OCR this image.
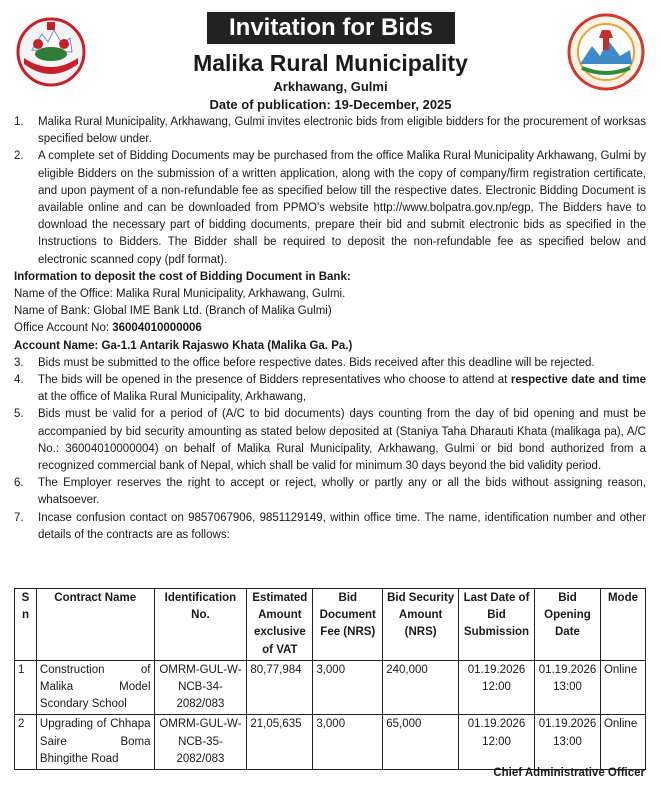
Invitation for Bids
Malika Rural Municipality
Arkhawang, Gulmi
Date of publication: 19-December, 2025
1.	Malika Rural Municipality, Arkhawang, Gulmi invites electronic bids from eligible bidders for the procurement of worksas specified below under.
2.	A complete set of Bidding Documents may be purchased from the office Malika Rural Municipality Arkhawang, Gulmi by eligible Bidders on the submission of a written application, along with the copy of company/firm registration certificate, and upon payment of a non-refundable fee as specified below till the respective dates. Electronic Bidding Document is available online and can be downloaded from PPMO's website http://www.bolpatra.gov.np/egp, The Bidders have to download the necessary part of bidding documents, prepare their bid and submit electronic bids as specified in the Instructions to Bidders. The Bidder shall be required to deposit the non-refundable fee as specified below and electronic scanned copy (pdf format).

Information to deposit the cost of Bidding Document in Bank:

Name of the Office: Malika Rural Municipality, Arkhawang, Gulmi.

Name of Bank: Global IME Bank Ltd. (Branch of Malika Gulmi)

Office Account No: 36004010000006

Account Name: Ga-1.1 Antarik Rajaswo Khata (Malika Ga. Pa.)

3.	Bids must be submitted to the office before respective dates. Bids received after this deadline will be rejected.
4.	The bids will be opened in the presence of Bidders representatives who choose to attend at respective date and time at the office of Malika Rural Municipality, Arkhawang,
5.	Bids must be valid for a period of (A/C to bid documents) days counting from the day of bid opening and must be accompanied by bid security amounting as stated below deposited at (Staniya Taha Dharauti Khata (malikaga pa), A/C No.: 36004010000004) on behalf of Malika Rural Municipality, Arkhawang, Gulmi or bid bond authorized from a recognized commercial bank of Nepal, which shall be valid for minimum 30 days beyond the bid validity period.
6.	The Employer reserves the right to accept or reject, wholly or partly any or all the bids without assigning reason, whatsoever.
7.	Incase confusion contact on 9857067906, 9851129149, within office time. The name, identification number and other details of the contracts are as follows:
S n	Contract Name	Identification No.	Estimated Amount exclusive of VAT	Bid Document Fee (NRS)	Bid Security Amount (NRS)	Last Date of Bid Submission	Bid Opening Date	Mode
1	Construction of Malika Model Scondary School	OMRM-GUL-W-NCB-34-2082/083	80,77,984	3,000	240,000	01.19.2026 12:00	01.19.2026 13:00	Online
2	Upgrading of Chhapa Saire Boma Bhingithe Road	OMRM-GUL-W-NCB-35-2082/083	21,05,635	3,000	65,000	01.19.2026 12:00	01.19.2026 13:00	Online
Chief Administrative Officer
